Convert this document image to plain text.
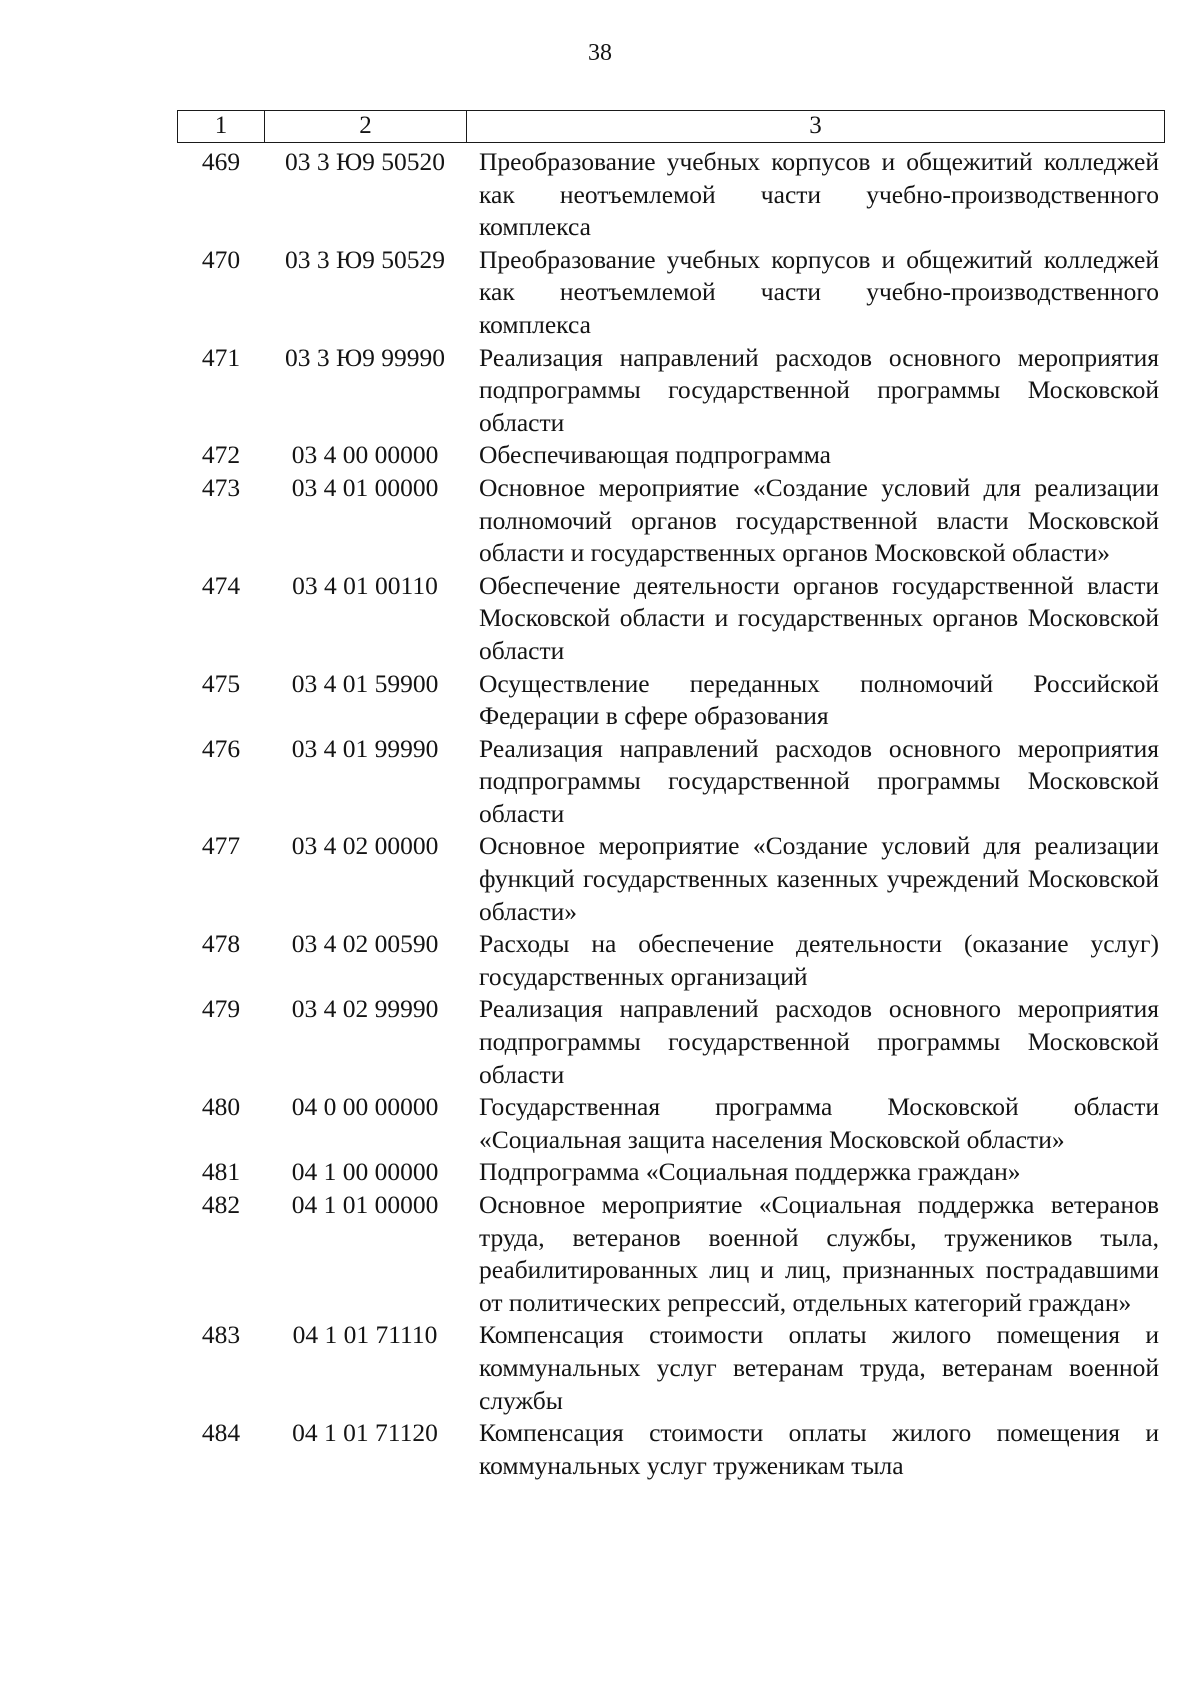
38
1	2	3
469	03 3 Ю9 50520	Преобразование учебных корпусов и общежитий колледжей как неотъемлемой части учебно-производственного комплекса
470	03 3 Ю9 50529	Преобразование учебных корпусов и общежитий колледжей как неотъемлемой части учебно-производственного комплекса
471	03 3 Ю9 99990	Реализация направлений расходов основного мероприятия подпрограммы государственной программы Московской области
472	03 4 00 00000	Обеспечивающая подпрограмма
473	03 4 01 00000	Основное мероприятие «Создание условий для реализации полномочий органов государственной власти Московской области и государственных органов Московской области»
474	03 4 01 00110	Обеспечение деятельности органов государственной власти Московской области и государственных органов Московской области
475	03 4 01 59900	Осуществление переданных полномочий Российской Федерации в сфере образования
476	03 4 01 99990	Реализация направлений расходов основного мероприятия подпрограммы государственной программы Московской области
477	03 4 02 00000	Основное мероприятие «Создание условий для реализации функций государственных казенных учреждений Московской области»
478	03 4 02 00590	Расходы на обеспечение деятельности (оказание услуг) государственных организаций
479	03 4 02 99990	Реализация направлений расходов основного мероприятия подпрограммы государственной программы Московской области
480	04 0 00 00000	Государственная программа Московской области «Социальная защита населения Московской области»
481	04 1 00 00000	Подпрограмма «Социальная поддержка граждан»
482	04 1 01 00000	Основное мероприятие «Социальная поддержка ветеранов труда, ветеранов военной службы, тружеников тыла, реабилитированных лиц и лиц, признанных пострадавшими от политических репрессий, отдельных категорий граждан»
483	04 1 01 71110	Компенсация стоимости оплаты жилого помещения и коммунальных услуг ветеранам труда, ветеранам военной службы
484	04 1 01 71120	Компенсация стоимости оплаты жилого помещения и коммунальных услуг труженикам тыла
